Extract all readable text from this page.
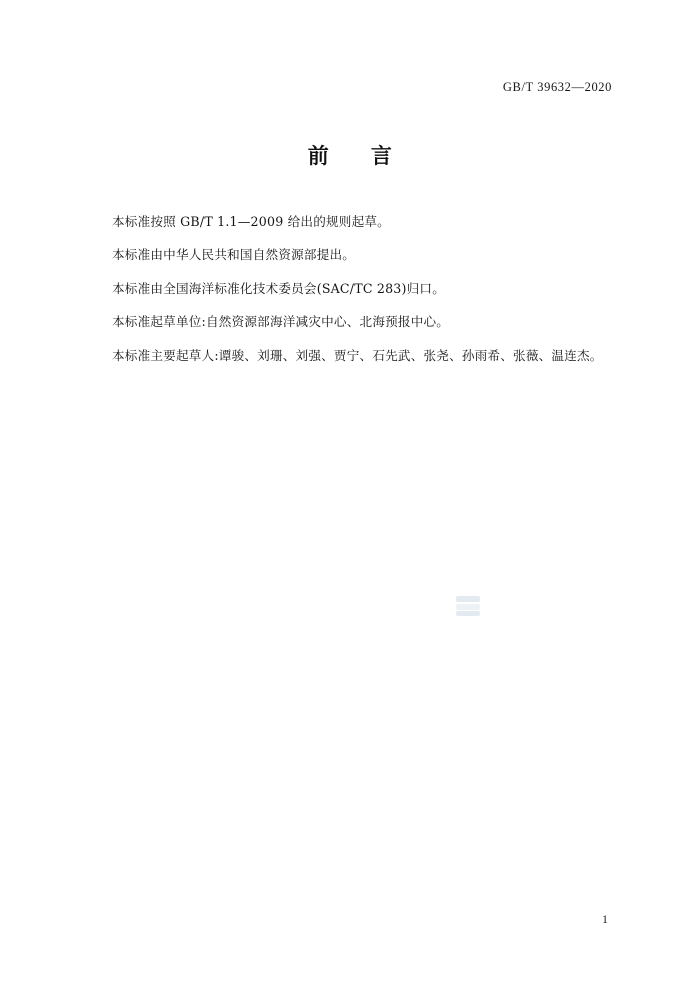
GB/T 39632—2020
前 言

本标准按照 GB/T 1.1—2009 给出的规则起草。

本标准由中华人民共和国自然资源部提出。

本标准由全国海洋标准化技术委员会(SAC/TC 283)归口。

本标准起草单位:自然资源部海洋减灾中心、北海预报中心。

本标准主要起草人:谭骏、刘珊、刘强、贾宁、石先武、张尧、孙雨希、张薇、温连杰。

1
